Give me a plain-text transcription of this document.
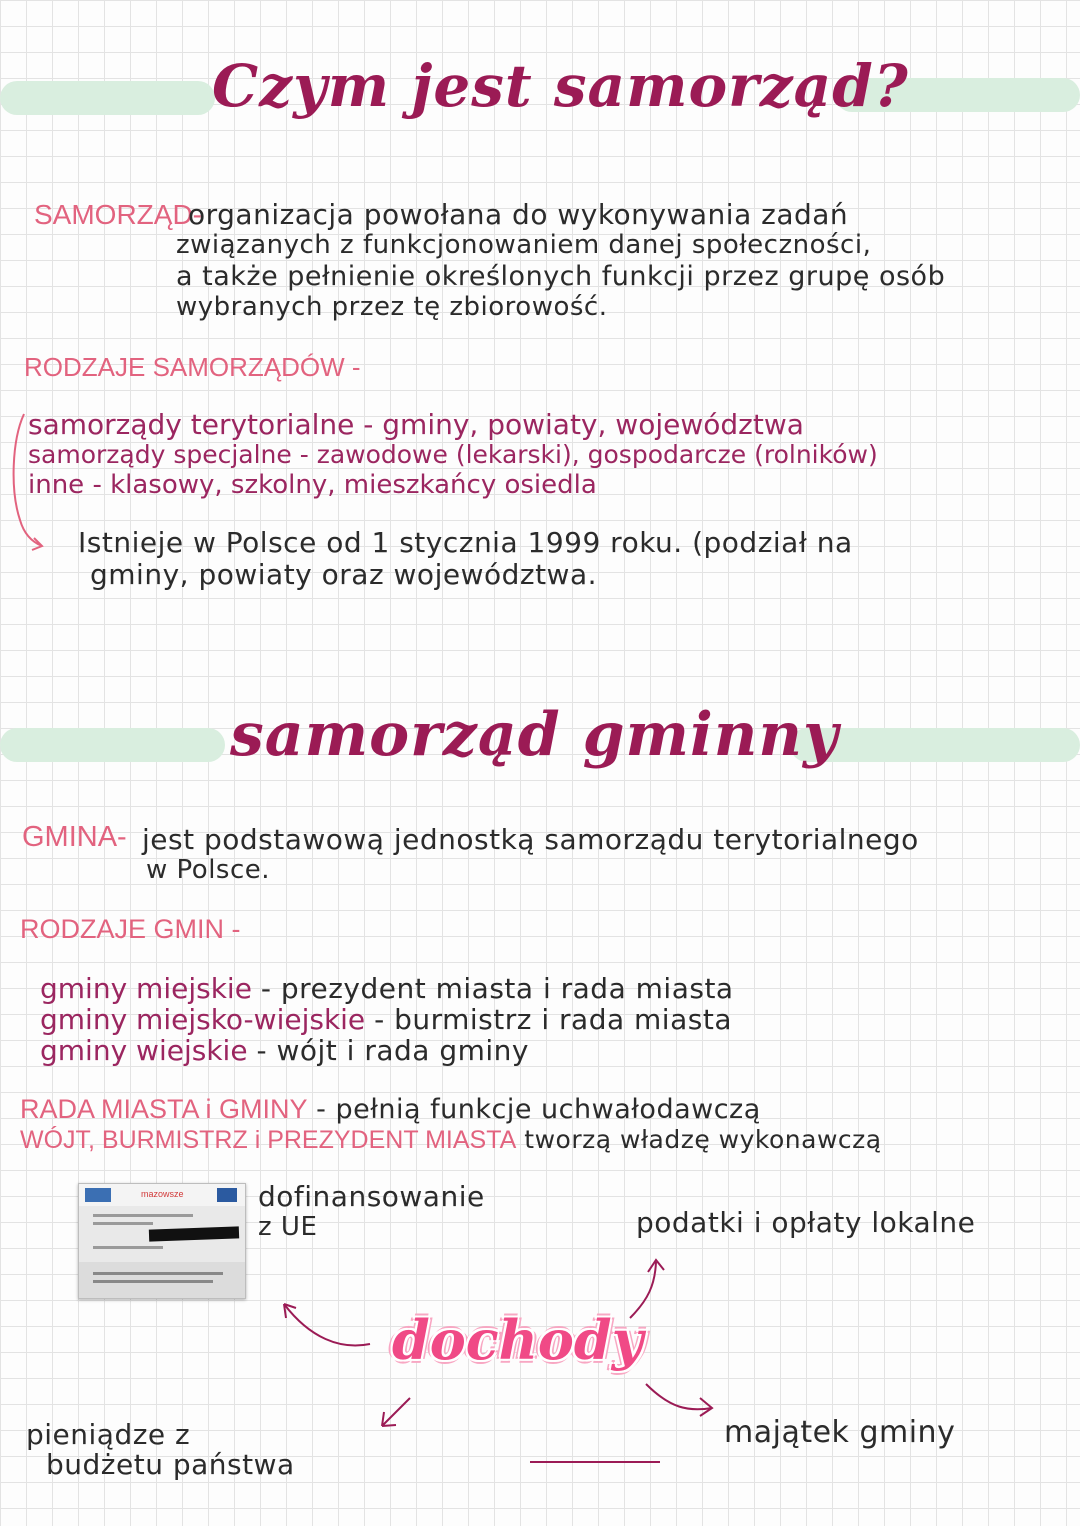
Czym jest samorząd?
SAMORZĄD-
organizacja powołana do wykonywania zadań
związanych z funkcjonowaniem danej społeczności,
a także pełnienie określonych funkcji przez grupę osób
wybranych przez tę zbiorowość.
RODZAJE SAMORZĄDÓW -
samorządy terytorialne - gminy, powiaty, województwa
samorządy specjalne - zawodowe (lekarski), gospodarcze (rolników)
inne - klasowy, szkolny, mieszkańcy osiedla
Istnieje w Polsce od 1 stycznia 1999 roku. (podział na
gminy, powiaty oraz województwa.
samorząd gminny
GMINA- jest podstawową jednostką samorządu terytorialnego
w Polsce.
RODZAJE GMIN -
gminy miejskie - prezydent miasta i rada miasta
gminy miejsko-wiejskie - burmistrz i rada miasta
gminy wiejskie - wójt i rada gminy
RADA MIASTA i GMINY - pełnią funkcje uchwałodawczą
WÓJT, BURMISTRZ i PREZYDENT MIASTA tworzą władzę wykonawczą
mazowsze	dofinansowanie
z UE	podatki i opłaty lokalne
dochody
pieniądze z
budżetu państwa
majątek gminy
